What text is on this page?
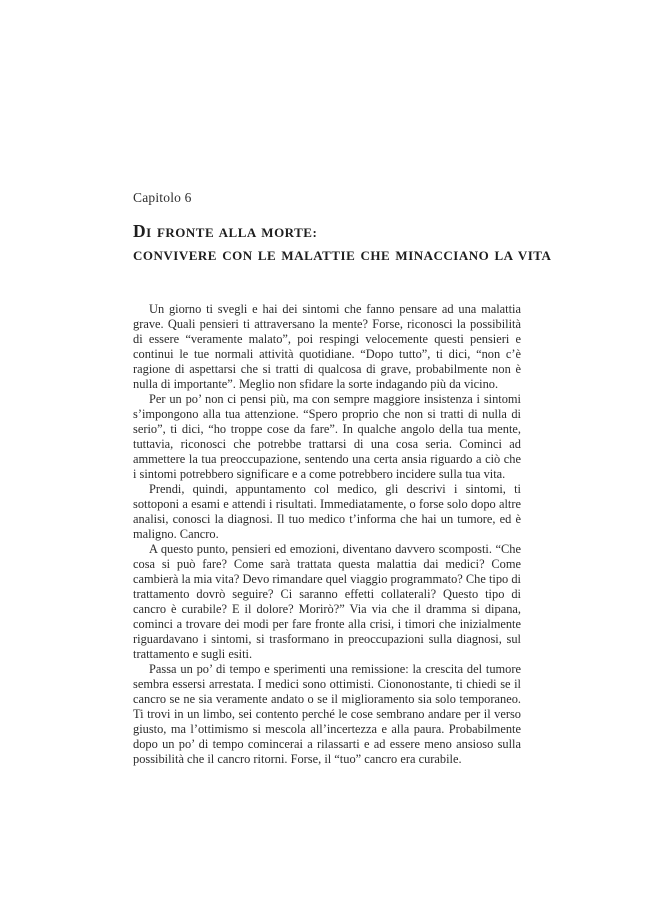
Capitolo 6
DI FRONTE ALLA MORTE:
CONVIVERE CON LE MALATTIE CHE MINACCIANO LA VITA

Un giorno ti svegli e hai dei sintomi che fanno pensare ad una malattia grave. Quali pensieri ti attraversano la mente? Forse, riconosci la possibilità di essere “veramente malato”, poi respingi velocemente questi pensieri e continui le tue normali attività quotidiane. “Dopo tutto”, ti dici, “non c’è ragione di aspettarsi che si tratti di qualcosa di grave, probabilmente non è nulla di importante”. Meglio non sfidare la sorte indagando più da vicino.

Per un po’ non ci pensi più, ma con sempre maggiore insistenza i sintomi s’impongono alla tua attenzione. “Spero proprio che non si tratti di nulla di serio”, ti dici, “ho troppe cose da fare”. In qualche angolo della tua mente, tuttavia, riconosci che potrebbe trattarsi di una cosa seria. Cominci ad ammettere la tua preoccupazione, sentendo una certa ansia riguardo a ciò che i sintomi potrebbero significare e a come potrebbero incidere sulla tua vita.

Prendi, quindi, appuntamento col medico, gli descrivi i sintomi, ti sottoponi a esami e attendi i risultati. Immediatamente, o forse solo dopo altre analisi, conosci la diagnosi. Il tuo medico t’informa che hai un tumore, ed è maligno. Cancro.

A questo punto, pensieri ed emozioni, diventano davvero scomposti. “Che cosa si può fare? Come sarà trattata questa malattia dai medici? Come cambierà la mia vita? Devo rimandare quel viaggio programmato? Che tipo di trattamento dovrò seguire? Ci saranno effetti collaterali? Questo tipo di cancro è curabile? E il dolore? Morirò?” Via via che il dramma si dipana, cominci a trovare dei modi per fare fronte alla crisi, i timori che inizialmente riguardavano i sintomi, si trasformano in preoccupazioni sulla diagnosi, sul trattamento e sugli esiti.

Passa un po’ di tempo e sperimenti una remissione: la crescita del tumore sembra essersi arrestata. I medici sono ottimisti. Ciononostante, ti chiedi se il cancro se ne sia veramente andato o se il miglioramento sia solo temporaneo. Ti trovi in un limbo, sei contento perché le cose sembrano andare per il verso giusto, ma l’ottimismo si mescola all’incertezza e alla paura. Probabilmente dopo un po’ di tempo comincerai a rilassarti e ad essere meno ansioso sulla possibilità che il cancro ritorni. Forse, il “tuo” cancro era curabile.
